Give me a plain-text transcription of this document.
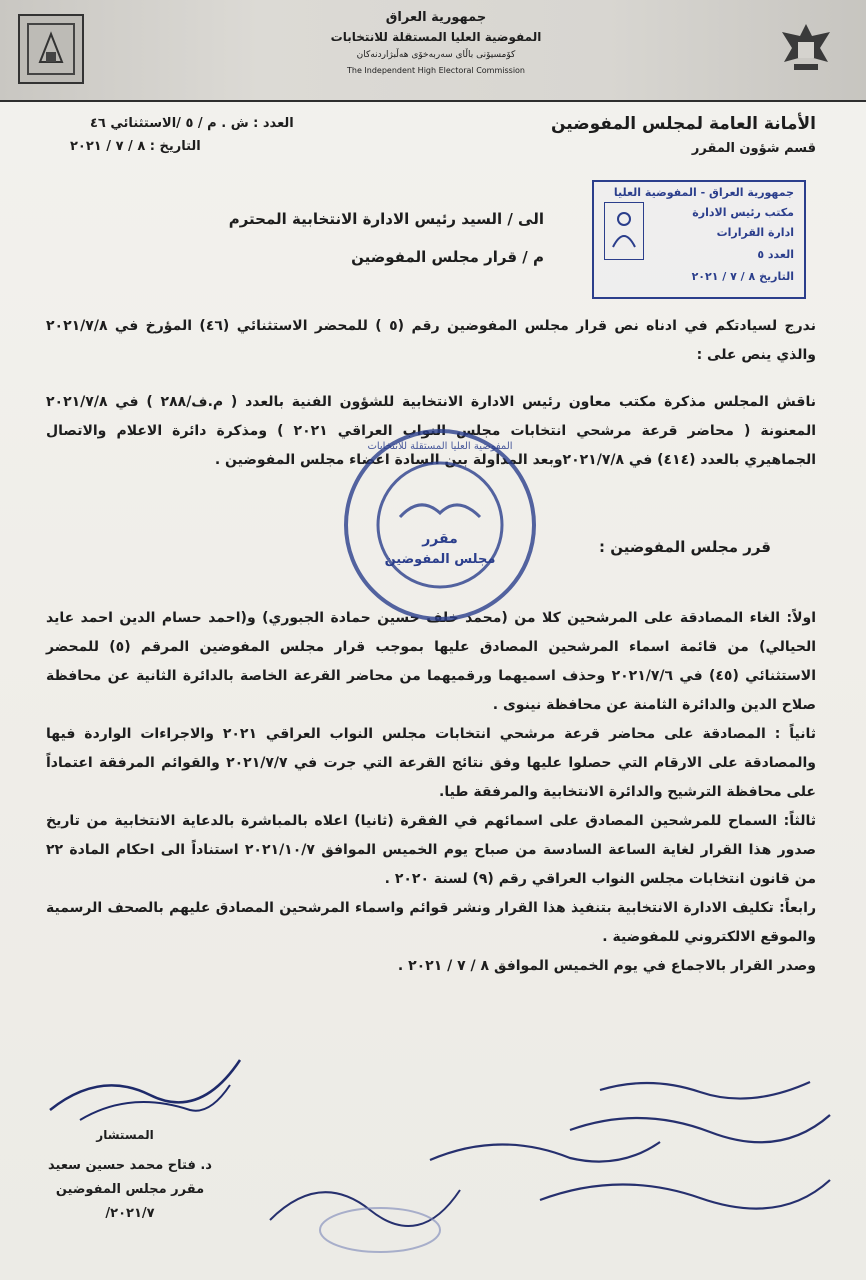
جمهورية العراق
المفوضية العليا المستقلة للانتخابات
كۆمسیۆنی باڵای سەربەخۆی هەڵبژاردنەکان
The Independent High Electoral Commission
الأمانة العامة لمجلس المفوضين
قسم شؤون المقرر
العدد : ش . م / ٥ /الاستثنائي ٤٦
التاريخ : ٨ / ٧ / ٢٠٢١
جمهورية العراق - المفوضية العليا
مكتب رئيس الادارة
ادارة القرارات
العدد ٥
التاريخ ٨ / ٧ / ٢٠٢١
الى / السيد رئيس الادارة الانتخابية المحترم
م / قرار مجلس المفوضين
ندرج لسيادتكم في ادناه نص قرار مجلس المفوضين رقم (٥ ) للمحضر الاستثنائي (٤٦) المؤرخ في ٢٠٢١/٧/٨ والذي ينص على :
ناقش المجلس مذكرة مكتب معاون رئيس الادارة الانتخابية للشؤون الفنية بالعدد ( م.ف/٢٨٨ ) في ٢٠٢١/٧/٨ المعنونة ( محاضر قرعة مرشحي انتخابات مجلس النواب العراقي ٢٠٢١ ) ومذكرة دائرة الاعلام والاتصال الجماهيري بالعدد (٤١٤) في ٢٠٢١/٧/٨وبعد المداولة بين السادة اعضاء مجلس المفوضين .
قرر مجلس المفوضين :
اولاً: الغاء المصادقة على المرشحين كلا من (محمد خلف حسين حمادة الجبوري) و(احمد حسام الدين احمد عايد الحيالي) من قائمة اسماء المرشحين المصادق عليها بموجب قرار مجلس المفوضين المرقم (٥) للمحضر الاستثنائي (٤٥) في ٢٠٢١/٧/٦ وحذف اسميهما ورقميهما من محاضر القرعة الخاصة بالدائرة الثانية عن محافظة صلاح الدين والدائرة الثامنة عن محافظة نينوى .
ثانياً : المصادقة على محاضر قرعة مرشحي انتخابات مجلس النواب العراقي ٢٠٢١ والاجراءات الواردة فيها والمصادقة على الارقام التي حصلوا عليها وفق نتائج القرعة التي جرت في ٢٠٢١/٧/٧ والقوائم المرفقة اعتماداً على محافظة الترشيح والدائرة الانتخابية والمرفقة طيا.
ثالثاً: السماح للمرشحين المصادق على اسمائهم في الفقرة (ثانيا) اعلاه بالمباشرة بالدعاية الانتخابية من تاريخ صدور هذا القرار لغاية الساعة السادسة من صباح يوم الخميس الموافق ٢٠٢١/١٠/٧ استناداً الى احكام المادة ٢٢ من قانون انتخابات مجلس النواب العراقي رقم (٩) لسنة ٢٠٢٠ .
رابعاً: تكليف الادارة الانتخابية بتنفيذ هذا القرار ونشر قوائم واسماء المرشحين المصادق عليهم بالصحف الرسمية والموقع الالكتروني للمفوضية .
وصدر القرار بالاجماع في يوم الخميس الموافق ٨ / ٧ / ٢٠٢١ .
مقرر
مجلس المفوضين
المفوضية العليا المستقلة للانتخابات
المستشار
د. فتاح محمد حسين سعيد
مقرر مجلس المفوضين
٢٠٢١/٧/
